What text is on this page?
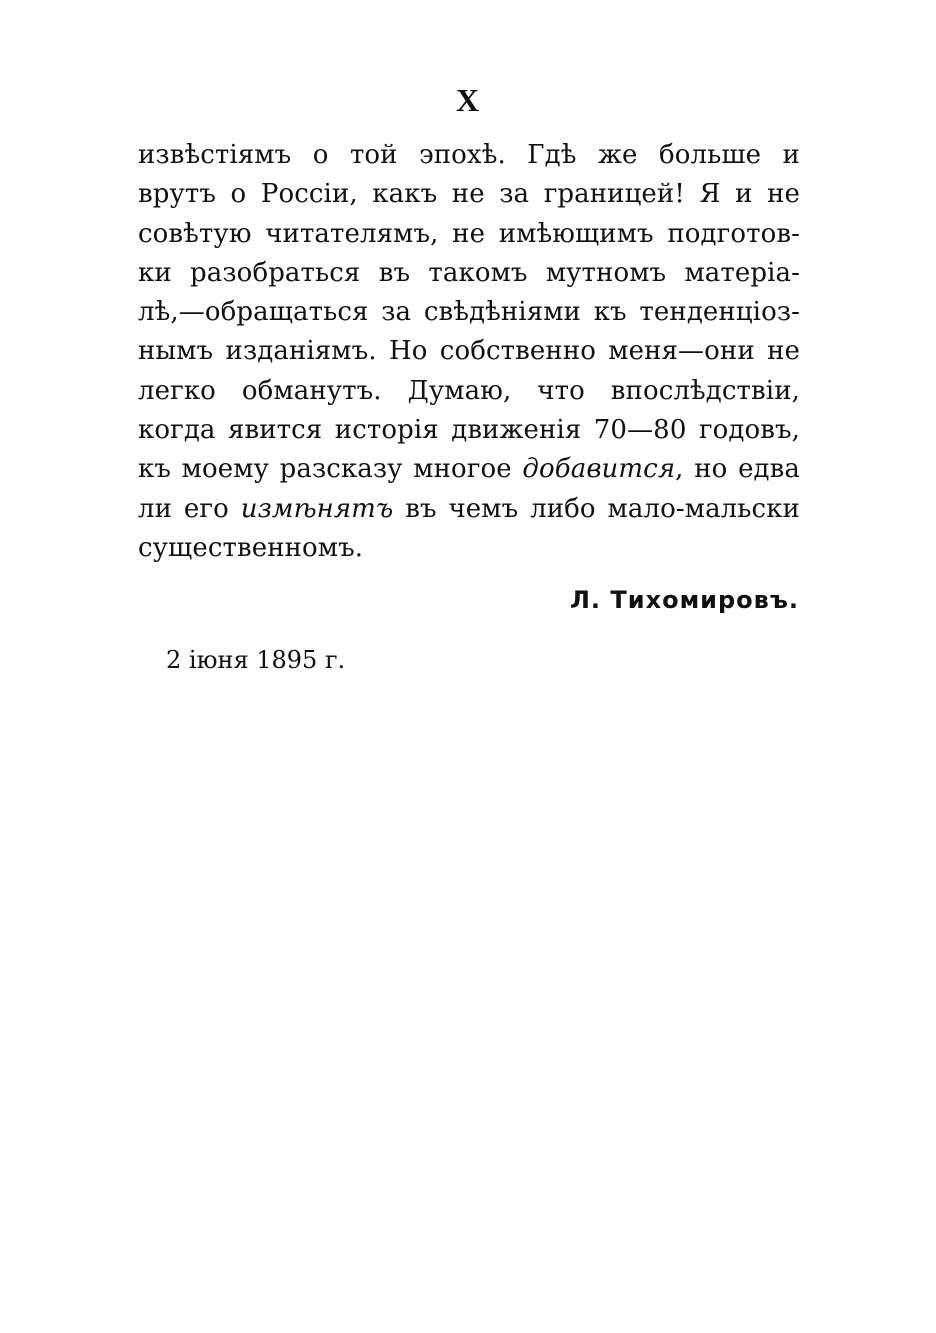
X
извѣстіямъ о той эпохѣ. Гдѣ же больше и
врутъ о Россіи, какъ не за границей! Я и не
совѣтую читателямъ, не имѣющимъ подготов-
ки разобраться въ такомъ мутномъ матеріа-
лѣ,—обращаться за свѣдѣніями къ тенденціоз-
нымъ изданіямъ. Но собственно меня—они не
легко обманутъ. Думаю, что впослѣдствіи,
когда явится исторія движенія 70—80 годовъ,
къ моему разсказу многое добавится, но едва
ли его измѣнятъ въ чемъ либо мало-мальски
существенномъ.
Л. Тихомировъ.
2 іюня 1895 г.
